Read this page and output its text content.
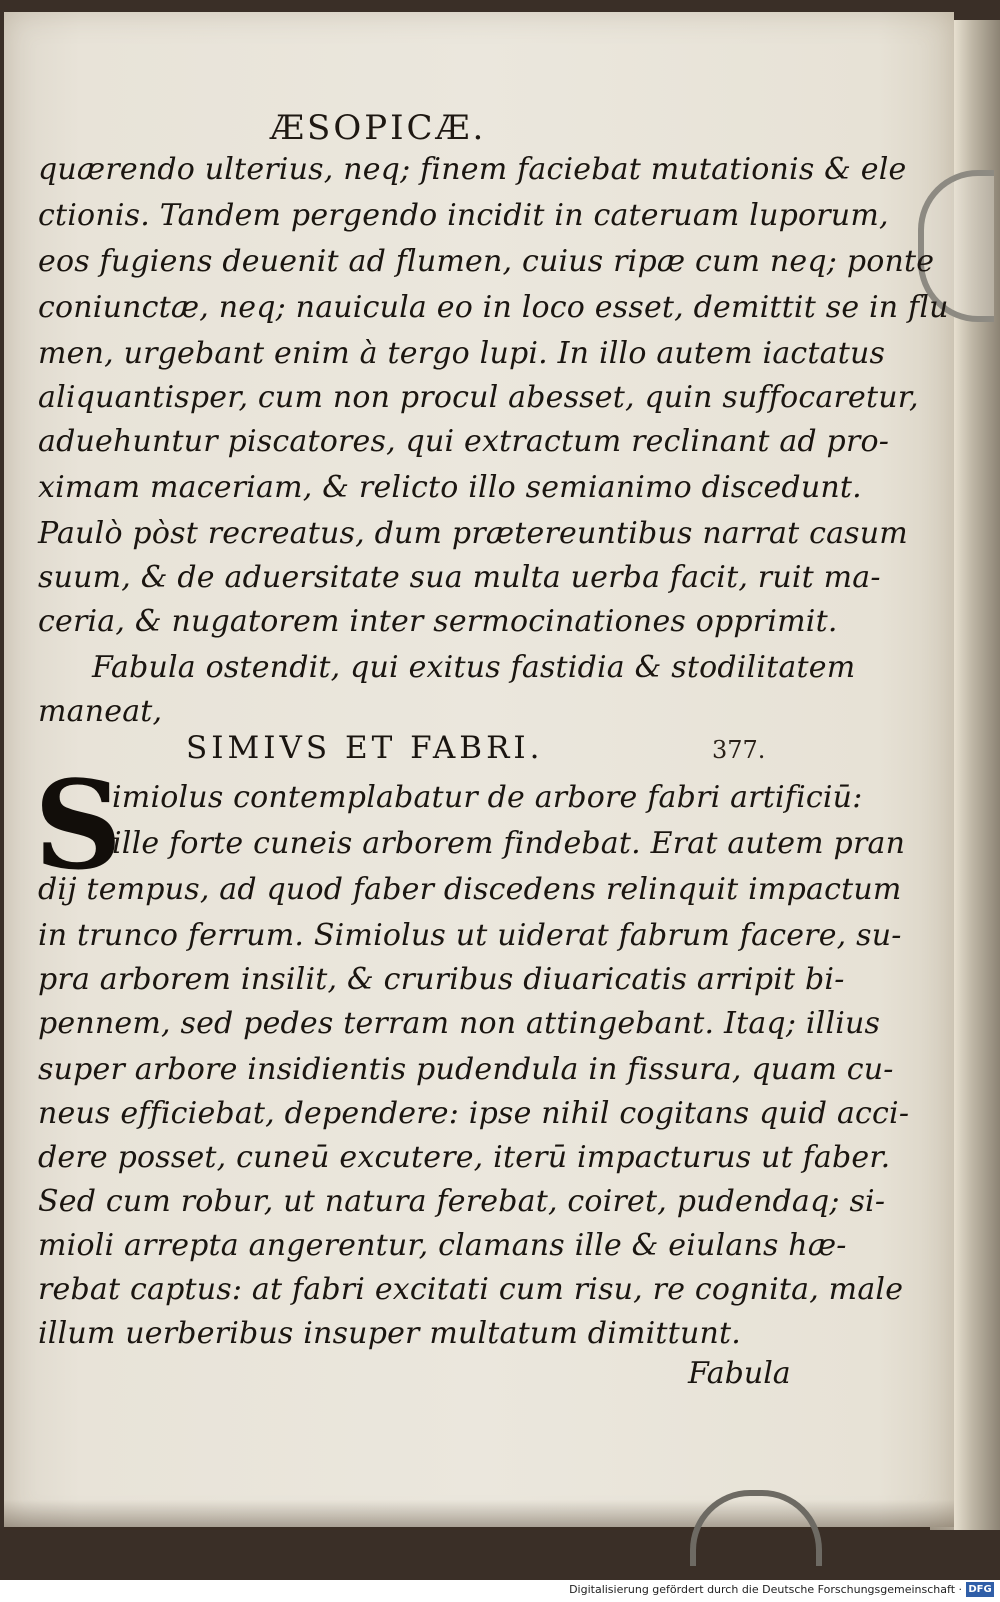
ÆSOPICÆ.
quærendo ulterius, neq; finem faciebat mutationis & ele
ctionis. Tandem pergendo incidit in cateruam luporum,
eos fugiens deuenit ad flumen, cuius ripæ cum neq; ponte
coniunctæ, neq; nauicula eo in loco esset, demittit se in flu
men, urgebant enim à tergo lupi. In illo autem iactatus
aliquantisper, cum non procul abesset, quin suffocaretur,
aduehuntur piscatores, qui extractum reclinant ad pro-
ximam maceriam, & relicto illo semianimo discedunt.
Paulò pòst recreatus, dum prætereuntibus narrat casum
suum, & de aduersitate sua multa uerba facit, ruit ma-
ceria, & nugatorem inter sermocinationes opprimit.
Fabula ostendit, qui exitus fastidia & stodilitatem
maneat,
SIMIVS ET FABRI.	377.
S
imiolus contemplabatur de arbore fabri artificiū:
ille forte cuneis arborem findebat. Erat autem pran
dij tempus, ad quod faber discedens relinquit impactum
in trunco ferrum. Simiolus ut uiderat fabrum facere, su-
pra arborem insilit, & cruribus diuaricatis arripit bi-
pennem, sed pedes terram non attingebant. Itaq; illius
super arbore insidientis pudendula in fissura, quam cu-
neus efficiebat, dependere: ipse nihil cogitans quid acci-
dere posset, cuneū excutere, iterū impacturus ut faber.
Sed cum robur, ut natura ferebat, coiret, pudendaq; si-
mioli arrepta angerentur, clamans ille & eiulans hæ-
rebat captus: at fabri excitati cum risu, re cognita, male
illum uerberibus insuper multatum dimittunt.
Fabula
Digitalisierung gefördert durch die Deutsche Forschungsgemeinschaft · DFG
